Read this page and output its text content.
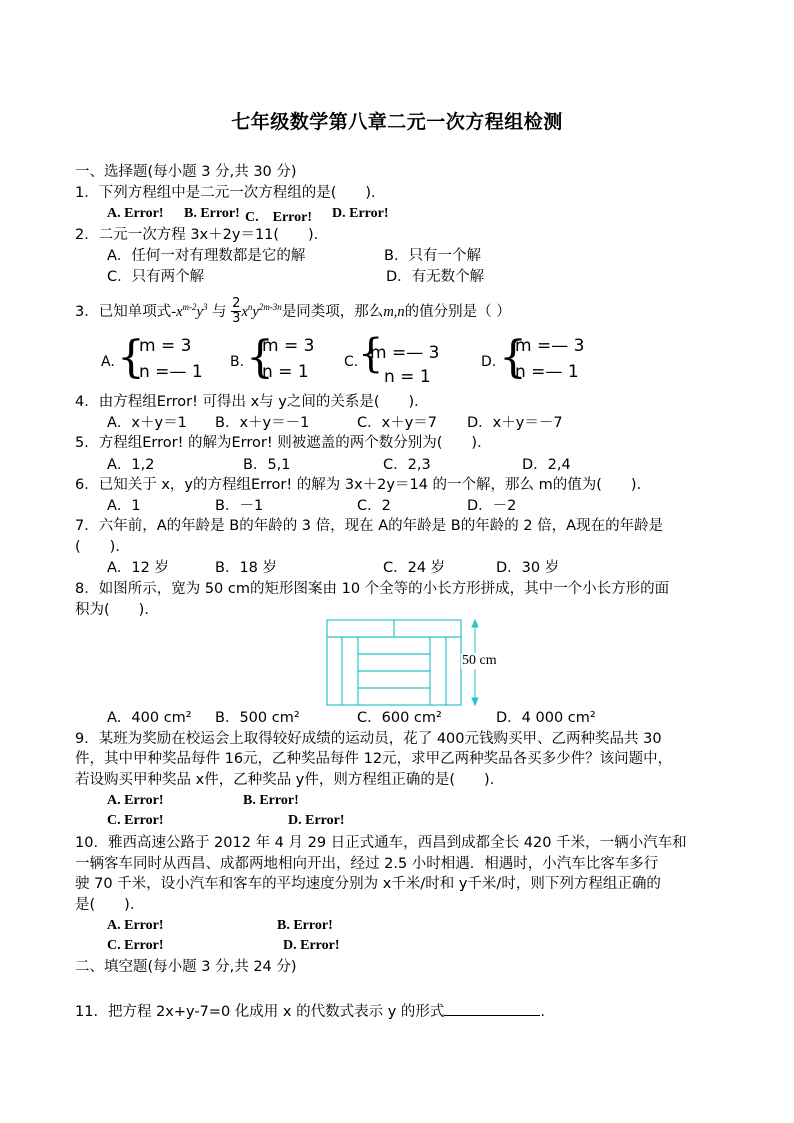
七年级数学第八章二元一次方程组检测
一、选择题(每小题 3 分,共 30 分)
1．下列方程组中是二元一次方程组的是(　　)．
A. Error! B. Error! C.　Error! D. Error!
2．二元一次方程 3x＋2y＝11(　　)．
A．任何一对有理数都是它的解	B．只有一个解
C．只有两个解	D．有无数个解
3．已知单项式$-x^{m-2}y^3$ 与 $\frac{2}{3} x^ny^{2m-3n}$是同类项，那么m,n的值分别是（ ）
A. {
m = 3
n =— 1 B. {
m = 3
n = 1	C. {
m =— 3
n = 1
D. {
m =— 3
n =— 1
4．由方程组Error! 可得出 x与 y之间的关系是(　　)．
A．x＋y＝1 B．x＋y＝－1	C．x＋y＝7 D．x＋y＝－7
5．方程组Error! 的解为Error! 则被遮盖的两个数分别为(　　)．
A．1,2	B．5,1	C．2,3	D．2,4
6．已知关于 x，y的方程组Error! 的解为 3x＋2y＝14 的一个解，那么 m的值为(　　)．
A．1	B．－1	C．2	D．－2
7．六年前，A的年龄是 B的年龄的 3 倍，现在 A的年龄是 B的年龄的 2 倍，A现在的年龄是
(　　)．
A．12 岁	B．18 岁	C．24 岁	D．30 岁
8．如图所示，宽为 50 cm的矩形图案由 10 个全等的小长方形拼成，其中一个小长方形的面
积为(　　)．
50 cm
A．400 cm² B．500 cm²	C．600 cm²	D．4 000 cm²
9．某班为奖励在校运会上取得较好成绩的运动员，花了 400元钱购买甲、乙两种奖品共 30
件，其中甲种奖品每件 16元，乙种奖品每件 12元，求甲乙两种奖品各买多少件？该问题中，
若设购买甲种奖品 x件，乙种奖品 y件，则方程组正确的是(　　)．
A. Error!	B. Error!
C. Error!	D. Error!
10．雅西高速公路于 2012 年 4 月 29 日正式通车，西昌到成都全长 420 千米，一辆小汽车和
一辆客车同时从西昌、成都两地相向开出，经过 2.5 小时相遇．相遇时，小汽车比客车多行
驶 70 千米，设小汽车和客车的平均速度分别为 x千米/时和 y千米/时，则下列方程组正确的
是(　　)．
A. Error!	B. Error!
C. Error!	D. Error!
二、填空题(每小题 3 分,共 24 分)
11．把方程 2x+y-7=0 化成用 x 的代数式表示 y 的形式	.
